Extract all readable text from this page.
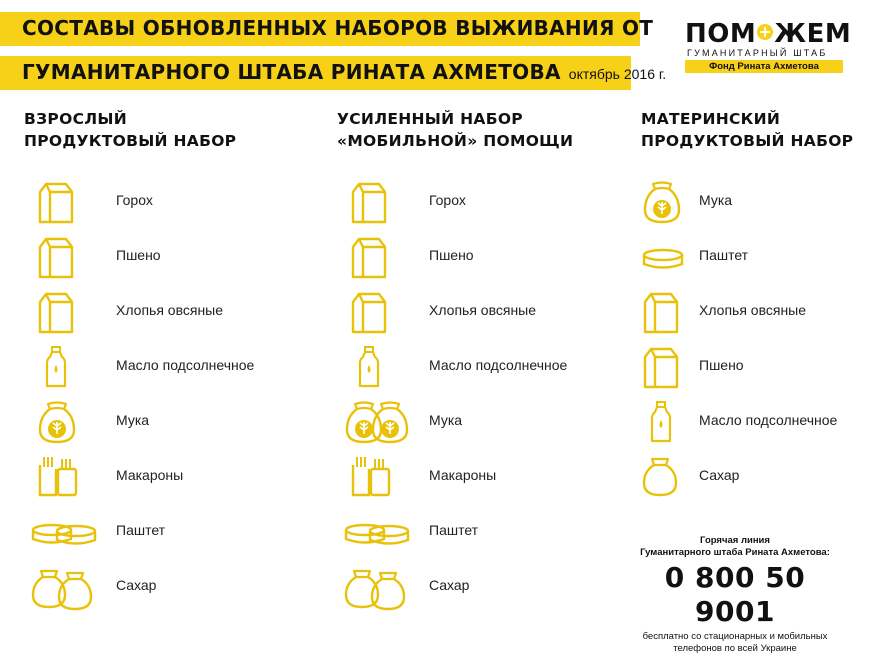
СОСТАВЫ ОБНОВЛЕННЫХ НАБОРОВ ВЫЖИВАНИЯ ОТ
ГУМАНИТАРНОГО ШТАБА РИНАТА АХМЕТОВА октябрь 2016 г.
ПОМ ЖЕМ
ГУМАНИТАРНЫЙ ШТАБ
Фонд Рината Ахметова
ВЗРОСЛЫЙ
ПРОДУКТОВЫЙ НАБОР
Горох
Пшено
Хлопья овсяные
Масло подсолнечное
Мука
Макароны
Паштет
Сахар
УСИЛЕННЫЙ НАБОР
«МОБИЛЬНОЙ» ПОМОЩИ
Горох
Пшено
Хлопья овсяные
Масло подсолнечное
Мука
Макароны
Паштет
Сахар
МАТЕРИНСКИЙ
ПРОДУКТОВЫЙ НАБОР
Мука
Паштет
Хлопья овсяные
Пшено
Масло подсолнечное
Сахар
Горячая линия
Гуманитарного штаба Рината Ахметова:
0 800 50 9001
бесплатно со стационарных и мобильных
телефонов по всей Украине
